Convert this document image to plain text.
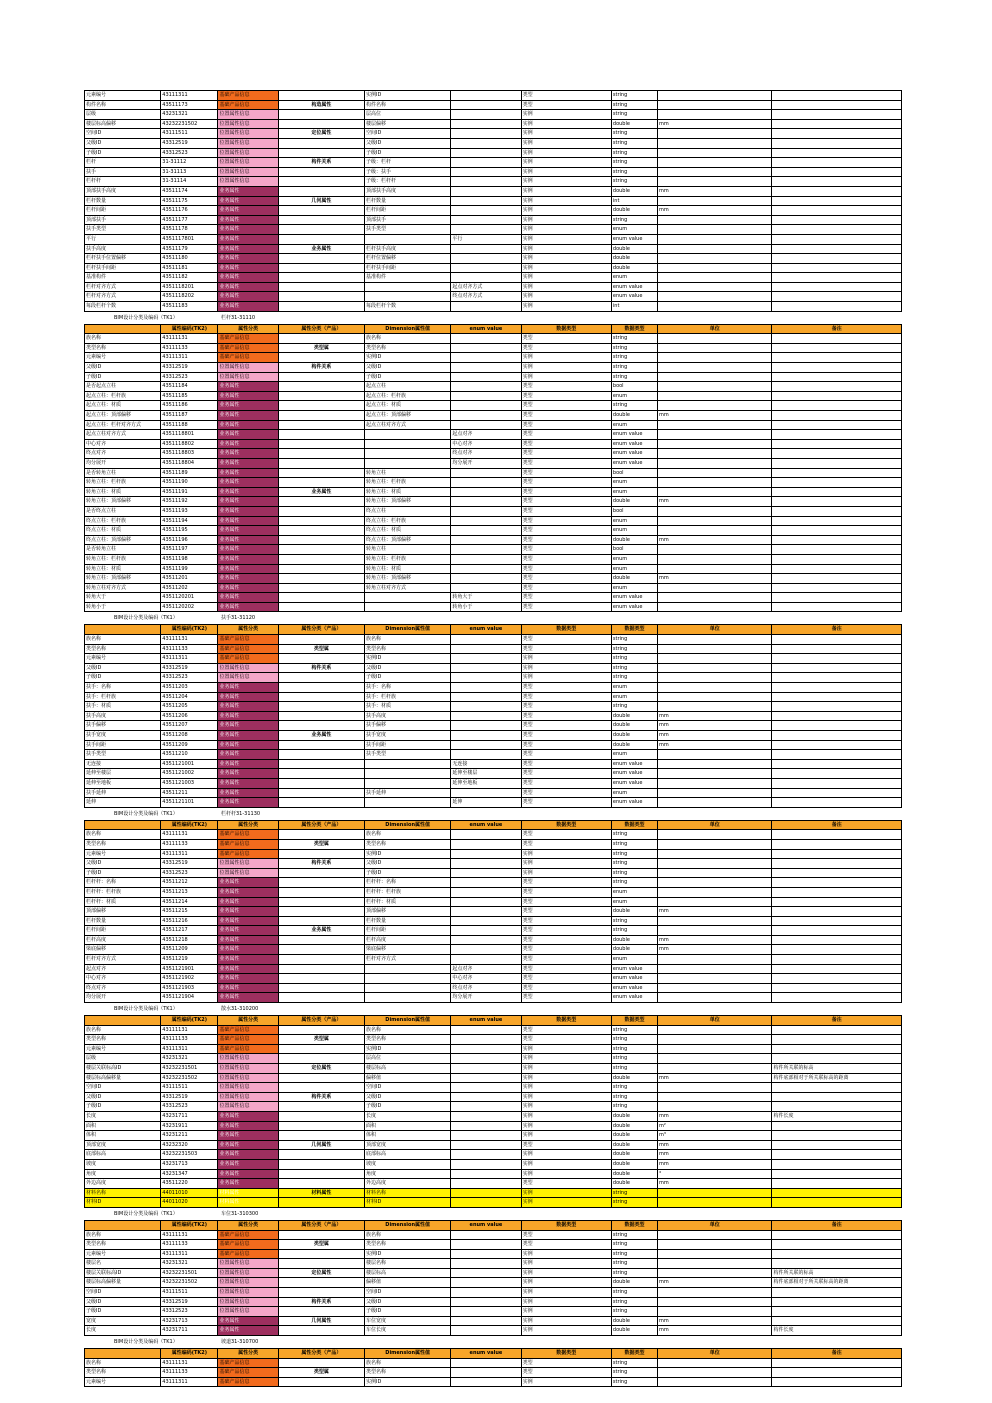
元素编号	43111311	基础产品信息		实例ID		类型	string		
构件名称	43511173	基础产品信息	构造属性	构件名称		类型	string		
层级	43231321	位置属性信息		层高位		实例	string		
楼层标高偏移	43232231502	位置属性信息		楼层偏移		实例	double	mm	
空间ID	43111511	位置属性信息	定位属性	空间ID		实例	string		
父级ID	43312519	位置属性信息		父级ID		实例	string		
子级ID	43312523	位置属性信息		子级ID		实例	string		
栏杆	31-31112	位置属性信息	构件关系	子级：栏杆		实例	string		
扶手	31-31113	位置属性信息		子级：扶手		实例	string		
栏杆杆	31-31114	位置属性信息		子级：栏杆杆		实例	string		
顶部扶手高度	43511174	业务属性		顶部扶手高度		实例	double	mm	
栏杆数量	43511175	业务属性	几何属性	栏杆数量		实例	int		
栏杆间距	43511176	业务属性		栏杆间距		实例	double	mm	
顶部扶手	43511177	业务属性		顶部扶手		实例	string		
扶手类型	43511178	业务属性		扶手类型		实例	enum		
平行	4351117801	业务属性			平行	实例	enum value		
扶手高度	43511179	业务属性	业务属性	栏杆扶手高度		实例	double		
栏杆扶手位置偏移	43511180	业务属性		栏杆位置偏移		实例	double		
栏杆扶手间距	43511181	业务属性		栏杆扶手间距		实例	double		
基准构件	43511182	业务属性		基准构件		实例	enum		
栏杆对齐方式	4351118201	业务属性			起点对齐方式	实例	enum value		
栏杆对齐方式	4351118202	业务属性			终点对齐方式	实例	enum value		
每段栏杆个数	43511183	业务属性		每段栏杆个数		实例	int		
BIM设计分类及编码（TK1）	栏杆31-31110
	属性编码(TK2)	属性分类	属性分类（产品）	Dimension属性值	enum value	数据类型	数据类型	单位	备注
族名称	43111131	基础产品信息		族名称		类型	string		
类型名称	43111133	基础产品信息	类型属	类型名称		类型	string		
元素编号	43111311	基础产品信息		实例ID		实例	string		
父级ID	43312519	位置属性信息	构件关系	父级ID		实例	string		
子级ID	43312523	位置属性信息		子级ID		实例	string		
是否起点立柱	43511184	业务属性		起点立柱		类型	bool		
起点立柱：栏杆族	43511185	业务属性		起点立柱：栏杆族		类型	enum		
起点立柱：材质	43511186	业务属性		起点立柱：材质		类型	string		
起点立柱：顶部偏移	43511187	业务属性		起点立柱：顶部偏移		类型	double	mm	
起点立柱：栏杆对齐方式	43511188	业务属性		起点立柱对齐方式		类型	enum		
起点立柱对齐方式	4351118801	业务属性			起点对齐	类型	enum value		
中心对齐	4351118802	业务属性			中心对齐	类型	enum value		
终点对齐	4351118803	业务属性			终点对齐	类型	enum value		
均分展开	4351118804	业务属性			均分展开	类型	enum value		
是否转角立柱	43511189	业务属性		转角立柱		类型	bool		
转角立柱：栏杆族	43511190	业务属性		转角立柱：栏杆族		类型	enum		
转角立柱：材质	43511191	业务属性	业务属性	转角立柱：材质		类型	enum		
转角立柱：顶部偏移	43511192	业务属性		转角立柱：顶部偏移		类型	double	mm	
是否终点立柱	43511193	业务属性		终点立柱		类型	bool		
终点立柱：栏杆族	43511194	业务属性		终点立柱：栏杆族		类型	enum		
终点立柱：材质	43511195	业务属性		终点立柱：材质		类型	enum		
终点立柱：顶部偏移	43511196	业务属性		终点立柱：顶部偏移		类型	double	mm	
是否转角立柱	43511197	业务属性		转角立柱		类型	bool		
转角立柱：栏杆族	43511198	业务属性		转角立柱：栏杆族		类型	enum		
转角立柱：材质	43511199	业务属性		转角立柱：材质		类型	enum		
转角立柱：顶部偏移	43511201	业务属性		转角立柱：顶部偏移		类型	double	mm	
转角立柱对齐方式	43511202	业务属性		转角立柱对齐方式		类型	enum		
转角大于	4351120201	业务属性			转角大于	类型	enum value		
转角小于	4351120202	业务属性			转角小于	类型	enum value		
BIM设计分类及编码（TK1）	扶手31-31120
	属性编码(TK2)	属性分类	属性分类（产品）	Dimension属性值	enum value	数据类型	数据类型	单位	备注
族名称	43111131	基础产品信息		族名称		类型	string		
类型名称	43111133	基础产品信息	类型属	类型名称		类型	string		
元素编号	43111311	基础产品信息		实例ID		实例	string		
父级ID	43312519	位置属性信息	构件关系	父级ID		实例	string		
子级ID	43312523	位置属性信息		子级ID		实例	string		
扶手：名称	43511203	业务属性		扶手：名称		类型	enum		
扶手：栏杆族	43511204	业务属性		扶手：栏杆族		类型	enum		
扶手：材质	43511205	业务属性		扶手：材质		类型	string		
扶手高度	43511206	业务属性		扶手高度		类型	double	mm	
扶手偏移	43511207	业务属性		扶手偏移		类型	double	mm	
扶手宽度	43511208	业务属性	业务属性	扶手宽度		类型	double	mm	
扶手间距	43511209	业务属性		扶手间距		类型	double	mm	
扶手类型	43511210	业务属性		扶手类型		类型	enum		
无连接	4351121001	业务属性			无连接	类型	enum value		
延伸至楼层	4351121002	业务属性			延伸至楼层	类型	enum value		
延伸至地板	4351121003	业务属性			延伸至地板	类型	enum value		
扶手延伸	43511211	业务属性		扶手延伸		类型	enum		
延伸	4351121101	业务属性			延伸	类型	enum value		
BIM设计分类及编码（TK1）	栏杆杆31-31130
	属性编码(TK2)	属性分类	属性分类（产品）	Dimension属性值	enum value	数据类型	数据类型	单位	备注
族名称	43111131	基础产品信息		族名称		类型	string		
类型名称	43111133	基础产品信息	类型属	类型名称		类型	string		
元素编号	43111311	基础产品信息		实例ID		实例	string		
父级ID	43312519	位置属性信息	构件关系	父级ID		实例	string		
子级ID	43312523	位置属性信息		子级ID		实例	string		
栏杆杆：名称	43511212	业务属性		栏杆杆：名称		类型	string		
栏杆杆：栏杆族	43511213	业务属性		栏杆杆：栏杆族		类型	enum		
栏杆杆：材质	43511214	业务属性		栏杆杆：材质		类型	enum		
顶部偏移	43511215	业务属性		顶部偏移		类型	double	mm	
栏杆数量	43511216	业务属性		栏杆数量		类型	string		
栏杆间距	43511217	业务属性	业务属性	栏杆间距		类型	string		
栏杆高度	43511218	业务属性		栏杆高度		类型	double	mm	
梁底偏移	43511209	业务属性		梁底偏移		类型	double	mm	
栏杆对齐方式	43511219	业务属性		栏杆对齐方式		类型	enum		
起点对齐	4351121901	业务属性			起点对齐	类型	enum value		
中心对齐	4351121902	业务属性			中心对齐	类型	enum value		
终点对齐	4351121903	业务属性			终点对齐	类型	enum value		
均分展开	4351121904	业务属性			均分展开	类型	enum value		
BIM设计分类及编码（TK1）	散水31-310200
	属性编码(TK2)	属性分类	属性分类（产品）	Dimension属性值	enum value	数据类型	数据类型	单位	备注
族名称	43111131	基础产品信息		族名称		类型	string		
类型名称	43111133	基础产品信息	类型属	类型名称		类型	string		
元素编号	43111311	基础产品信息		实例ID		实例	string		
层级	43231321	位置属性信息		层高位		实例	string		
楼层关联标高ID	43232231501	位置属性信息	定位属性	楼层标高		实例	string		构件所关联的标高
楼层标高偏移量	43232231502	位置属性信息		偏移值		实例	double	mm	构件底部相对于所关联标高的距离
空间ID	43111511	位置属性信息		空间ID		实例	string		
父级ID	43312519	位置属性信息	构件关系	父级ID		实例	string		
子级ID	43312523	位置属性信息		子级ID		实例	string		
长度	43231711	业务属性		长度		实例	double	mm	构件长度
面积	43231911	业务属性		面积		实例	double	m²	
体积	43231211	业务属性		体积		实例	double	m³	
顶部宽度	43232320	业务属性	几何属性	顶部宽度		类型	double	mm	
底部标高	43232231503	业务属性		底部标高		实例	double	mm	
坡度	43231713	业务属性		坡度		实例	double	mm	
角度	43231347	业务属性		角度		实例	double	°	
外边高度	43511220	业务属性		外边高度		类型	double	mm	
材料名称	44011010	材料属性	材料属性	材料名称		实例	string		
材料ID	44011020	材料属性		材料ID		实例	string		
BIM设计分类及编码（TK1）	车位31-310300
	属性编码(TK2)	属性分类	属性分类（产品）	Dimension属性值	enum value	数据类型	数据类型	单位	备注
族名称	43111131	基础产品信息		族名称		类型	string		
类型名称	43111133	基础产品信息	类型属	类型名称		类型	string		
元素编号	43111311	基础产品信息		实例ID		实例	string		
楼层名	43231321	位置属性信息		楼层名称		实例	string		
楼层关联标高ID	43232231501	位置属性信息	定位属性	楼层标高		实例	string		构件所关联的标高
楼层标高偏移量	43232231502	位置属性信息		偏移值		实例	double	mm	构件底部相对于所关联标高的距离
空间ID	43111511	位置属性信息		空间ID		实例	string		
父级ID	43312519	位置属性信息	构件关系	父级ID		实例	string		
子级ID	43312523	位置属性信息		子级ID		实例	string		
宽度	43231713	业务属性	几何属性	车位宽度		实例	double	mm	
长度	43231711	业务属性		车位长度		实例	double	mm	构件长度
BIM设计分类及编码（TK1）	坡道31-310700
	属性编码(TK2)	属性分类	属性分类（产品）	Dimension属性值	enum value	数据类型	数据类型	单位	备注
族名称	43111131	基础产品信息		族名称		类型	string		
类型名称	43111133	基础产品信息	类型属	类型名称		类型	string		
元素编号	43111311	基础产品信息		实例ID		实例	string		
